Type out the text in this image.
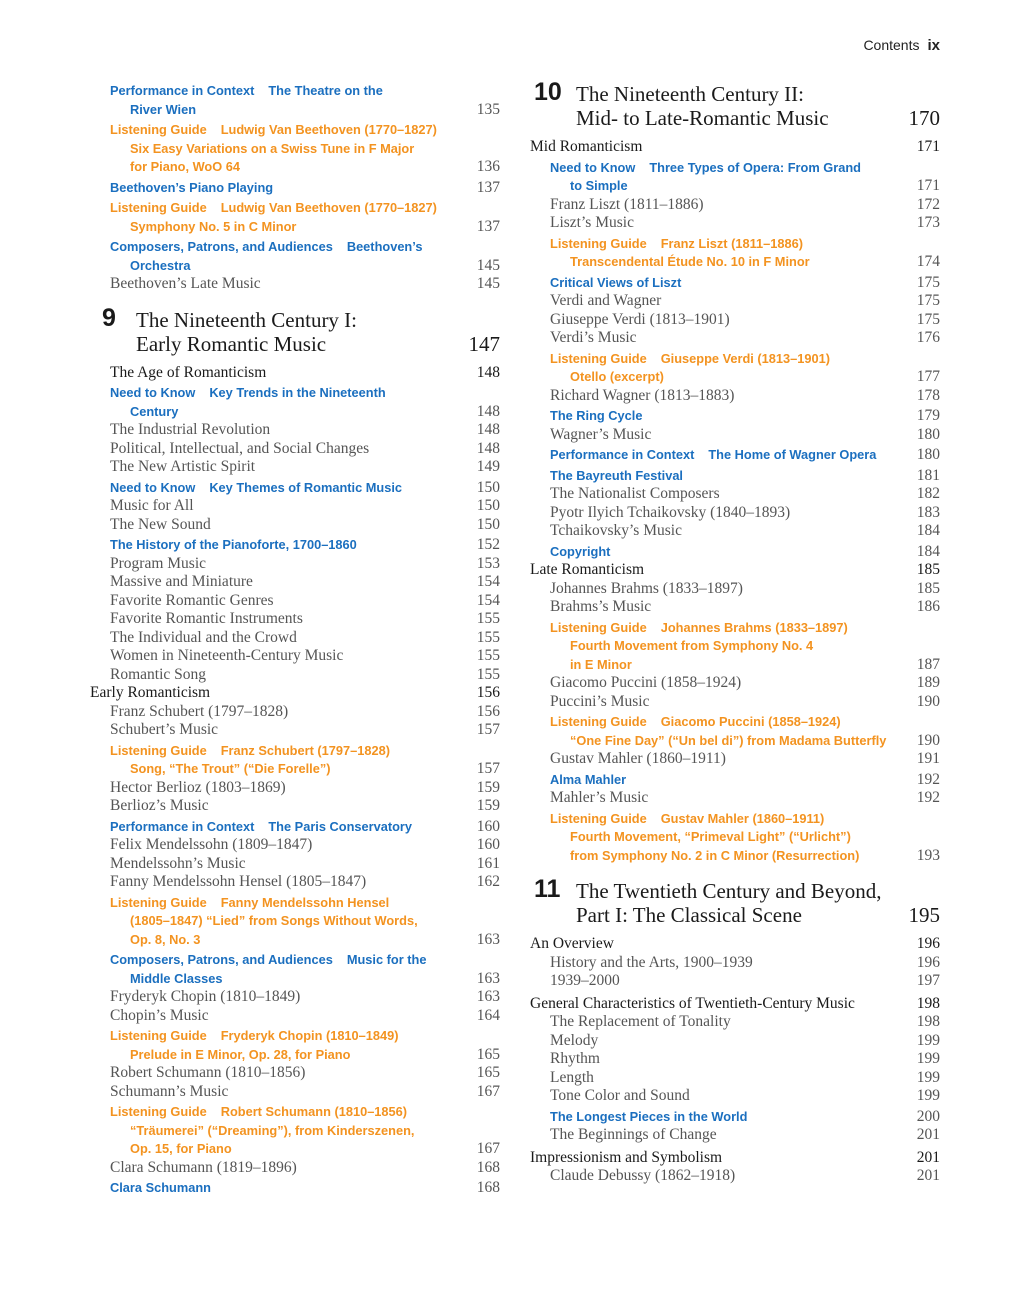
Contents ix
Performance in Context The Theatre on the
River Wien	135
Listening Guide Ludwig Van Beethoven (1770–1827)
Six Easy Variations on a Swiss Tune in F Major
for Piano, WoO 64	136
Beethoven’s Piano Playing	137
Listening Guide Ludwig Van Beethoven (1770–1827)
Symphony No. 5 in C Minor	137
Composers, Patrons, and Audiences Beethoven’s
Orchestra	145
Beethoven’s Late Music	145
9 The Nineteenth Century I:
Early Romantic Music	147
The Age of Romanticism	148
Need to Know Key Trends in the Nineteenth
Century	148
The Industrial Revolution	148
Political, Intellectual, and Social Changes	148
The New Artistic Spirit	149
Need to Know Key Themes of Romantic Music	150
Music for All	150
The New Sound	150
The History of the Pianoforte, 1700–1860	152
Program Music	153
Massive and Miniature	154
Favorite Romantic Genres	154
Favorite Romantic Instruments	155
The Individual and the Crowd	155
Women in Nineteenth-Century Music	155
Romantic Song	155
Early Romanticism	156
Franz Schubert (1797–1828)	156
Schubert’s Music	157
Listening Guide Franz Schubert (1797–1828)
Song, “The Trout” (“Die Forelle”)	157
Hector Berlioz (1803–1869)	159
Berlioz’s Music	159
Performance in Context The Paris Conservatory	160
Felix Mendelssohn (1809–1847)	160
Mendelssohn’s Music	161
Fanny Mendelssohn Hensel (1805–1847)	162
Listening Guide Fanny Mendelssohn Hensel
(1805–1847) “Lied” from Songs Without Words,
Op. 8, No. 3	163
Composers, Patrons, and Audiences Music for the
Middle Classes	163
Fryderyk Chopin (1810–1849)	163
Chopin’s Music	164
Listening Guide Fryderyk Chopin (1810–1849)
Prelude in E Minor, Op. 28, for Piano	165
Robert Schumann (1810–1856)	165
Schumann’s Music	167
Listening Guide Robert Schumann (1810–1856)
“Träumerei” (“Dreaming”), from Kinderszenen,
Op. 15, for Piano	167
Clara Schumann (1819–1896)	168
Clara Schumann	168
10 The Nineteenth Century II:
Mid- to Late-Romantic Music	170
Mid Romanticism	171
Need to Know Three Types of Opera: From Grand
to Simple	171
Franz Liszt (1811–1886)	172
Liszt’s Music	173
Listening Guide Franz Liszt (1811–1886)
Transcendental Étude No. 10 in F Minor	174
Critical Views of Liszt	175
Verdi and Wagner	175
Giuseppe Verdi (1813–1901)	175
Verdi’s Music	176
Listening Guide Giuseppe Verdi (1813–1901)
Otello (excerpt)	177
Richard Wagner (1813–1883)	178
The Ring Cycle	179
Wagner’s Music	180
Performance in Context The Home of Wagner Opera	180
The Bayreuth Festival	181
The Nationalist Composers	182
Pyotr Ilyich Tchaikovsky (1840–1893)	183
Tchaikovsky’s Music	184
Copyright	184
Late Romanticism	185
Johannes Brahms (1833–1897)	185
Brahms’s Music	186
Listening Guide Johannes Brahms (1833–1897)
Fourth Movement from Symphony No. 4
in E Minor	187
Giacomo Puccini (1858–1924)	189
Puccini’s Music	190
Listening Guide Giacomo Puccini (1858–1924)
“One Fine Day” (“Un bel di”) from Madama Butterfly	190
Gustav Mahler (1860–1911)	191
Alma Mahler	192
Mahler’s Music	192
Listening Guide Gustav Mahler (1860–1911)
Fourth Movement, “Primeval Light” (“Urlicht”)
from Symphony No. 2 in C Minor (Resurrection)	193
11 The Twentieth Century and Beyond,
Part I: The Classical Scene	195
An Overview	196
History and the Arts, 1900–1939	196
1939–2000	197
General Characteristics of Twentieth-Century Music	198
The Replacement of Tonality	198
Melody	199
Rhythm	199
Length	199
Tone Color and Sound	199
The Longest Pieces in the World	200
The Beginnings of Change	201
Impressionism and Symbolism	201
Claude Debussy (1862–1918)	201
